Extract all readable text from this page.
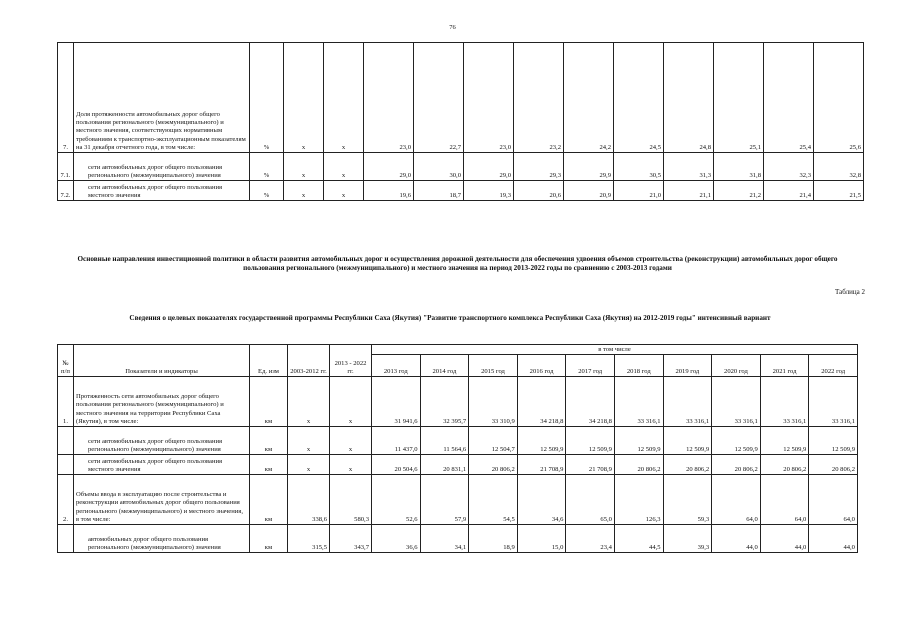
76
7.	Доля протяженности автомобильных дорог общего пользования регионального (межмуниципального) и местного значения, соответствующих нормативным требованиям к транспортно-эксплуатационным показателям на 31 декабря отчетного года, в том числе:	%	х	х	23,0	22,7	23,0	23,2	24,2	24,5	24,8	25,1	25,4	25,6
7.1.	сети автомобильных дорог общего пользования регионального (межмуниципального) значения	%	х	х	29,0	30,0	29,0	29,3	29,9	30,5	31,3	31,8	32,3	32,8
7.2.	сети автомобильных дорог общего пользования местного значения	%	х	х	19,6	18,7	19,3	20,6	20,9	21,0	21,1	21,2	21,4	21,5
Основные направления инвестиционной политики в области развития автомобильных дорог и осуществления дорожной деятельности для обеспечения удвоения объемов строительства (реконструкции) автомобильных дорог общего пользования регионального (межмуниципального) и местного значения на период 2013-2022 годы по сравнению с 2003-2013 годами
Таблица 2
Сведения о целевых показателях государственной программы Республики Саха (Якутия) "Развитие транспортного комплекса Республики Саха (Якутия) на 2012-2019 годы" интенсивный вариант
№ п/п	Показатели и индикаторы	Ед. изм	2003-2012 гг.	2013 - 2022 гг.	в том числе									
					2013 год	2014 год	2015 год	2016 год	2017 год	2018 год	2019 год	2020 год	2021 год	2022 год
1.	Протяженность сети автомобильных дорог общего пользования регионального (межмуниципального) и местного значения на территории Республики Саха (Якутия), в том числе:	км	х	х	31 941,6	32 395,7	33 310,9	34 218,8	34 218,8	33 316,1	33 316,1	33 316,1	33 316,1	33 316,1
	сети автомобильных дорог общего пользования регионального (межмуниципального) значения	км	х	х	11 437,0	11 564,6	12 504,7	12 509,9	12 509,9	12 509,9	12 509,9	12 509,9	12 509,9	12 509,9
	сети автомобильных дорог общего пользования местного значения	км	х	х	20 504,6	20 831,1	20 806,2	21 708,9	21 708,9	20 806,2	20 806,2	20 806,2	20 806,2	20 806,2
2.	Объемы ввода в эксплуатацию после строительства и реконструкции автомобильных дорог общего пользования регионального (межмуниципального) и местного значения, в том числе:	км	338,6	580,3	52,6	57,9	54,5	34,6	65,0	126,3	59,3	64,0	64,0	64,0
	автомобильных дорог общего пользования регионального (межмуниципального) значения	км	315,5	343,7	36,6	34,1	18,9	15,0	23,4	44,5	39,3	44,0	44,0	44,0
